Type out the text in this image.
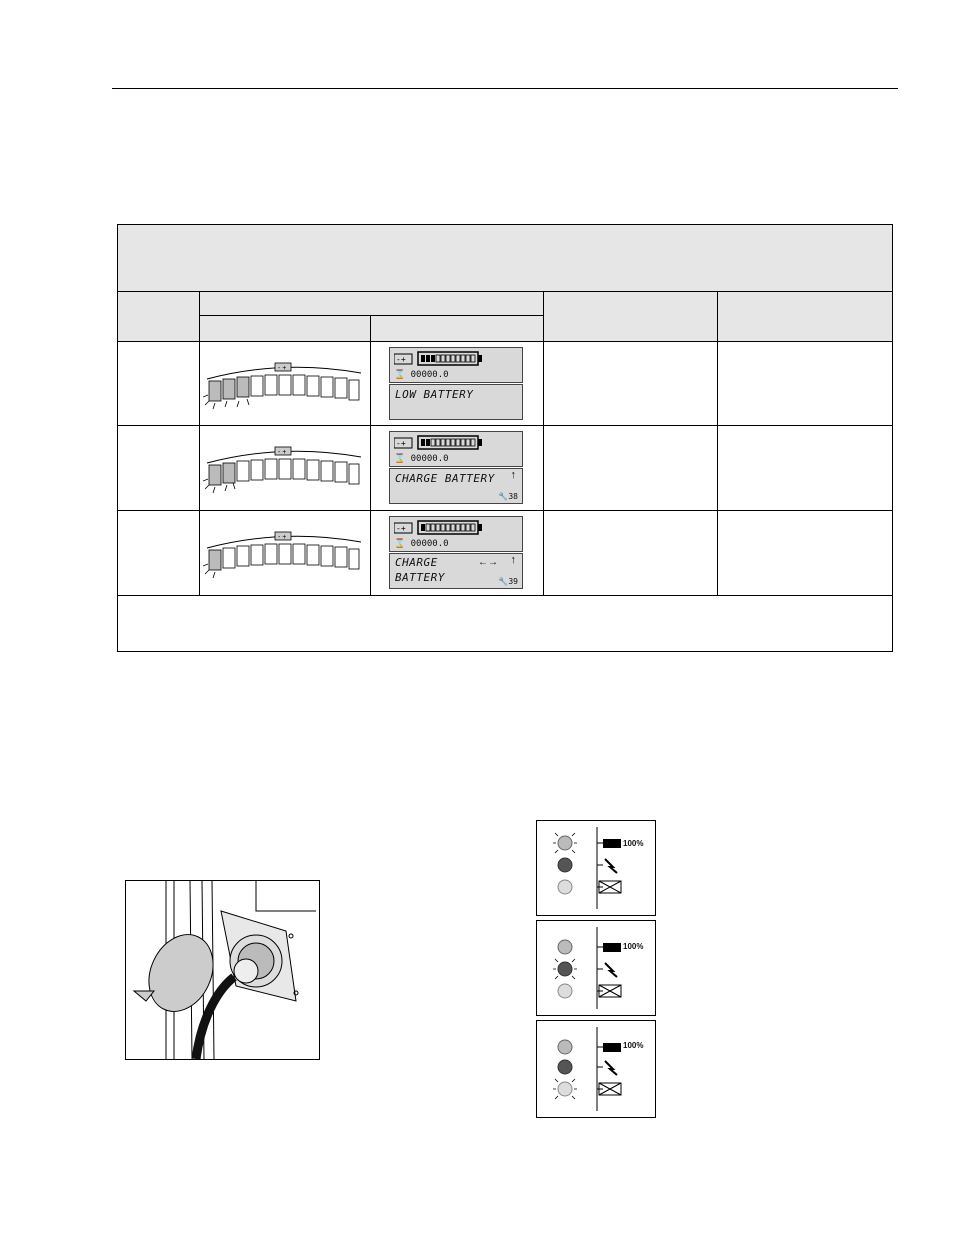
- +
-+
⌛ 00000.0
LOW BATTERY
- +
-+
⌛ 00000.0
CHARGE BATTERY ↑
🔧38
- +
-+
⌛ 00000.0
CHARGE
BATTERY
←→ ↑
🔧39
100%
100%
100%
